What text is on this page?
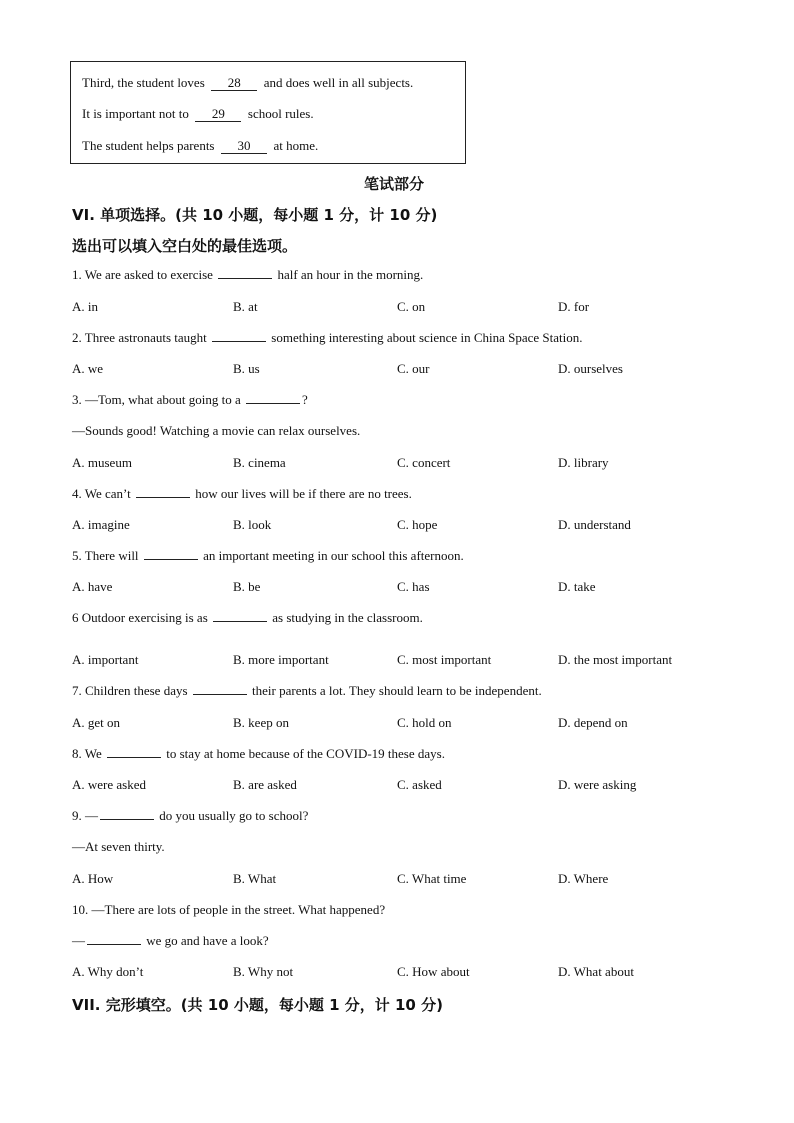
Third, the student loves 28 and does well in all subjects.
It is important not to 29 school rules.
The student helps parents 30 at home.
笔试部分
VI. 单项选择。(共 10 小题，每小题 1 分，计 10 分)
选出可以填入空白处的最佳选项。
1. We are asked to exercise	half an hour in the morning.
A. in	B. at	C. on	D. for
2. Three astronauts taught	something interesting about science in China Space Station.
A. we	B. us	C. our	D. ourselves
3. —Tom, what about going to a	?
—Sounds good! Watching a movie can relax ourselves.
A. museum	B. cinema	C. concert	D. library
4. We can’t	how our lives will be if there are no trees.
A. imagine	B. look	C. hope	D. understand
5. There will	an important meeting in our school this afternoon.
A. have	B. be	C. has	D. take
6 Outdoor exercising is as	as studying in the classroom.
A. important	B. more important	C. most important	D. the most important
7. Children these days	their parents a lot. They should learn to be independent.
A. get on	B. keep on	C. hold on	D. depend on
8. We	to stay at home because of the COVID-19 these days.
A. were asked	B. are asked	C. asked	D. were asking
9. —	do you usually go to school?
—At seven thirty.
A. How	B. What	C. What time	D. Where
10. —There are lots of people in the street. What happened?
—	we go and have a look?
A. Why don’t	B. Why not	C. How about	D. What about
VII. 完形填空。(共 10 小题，每小题 1 分，计 10 分)
